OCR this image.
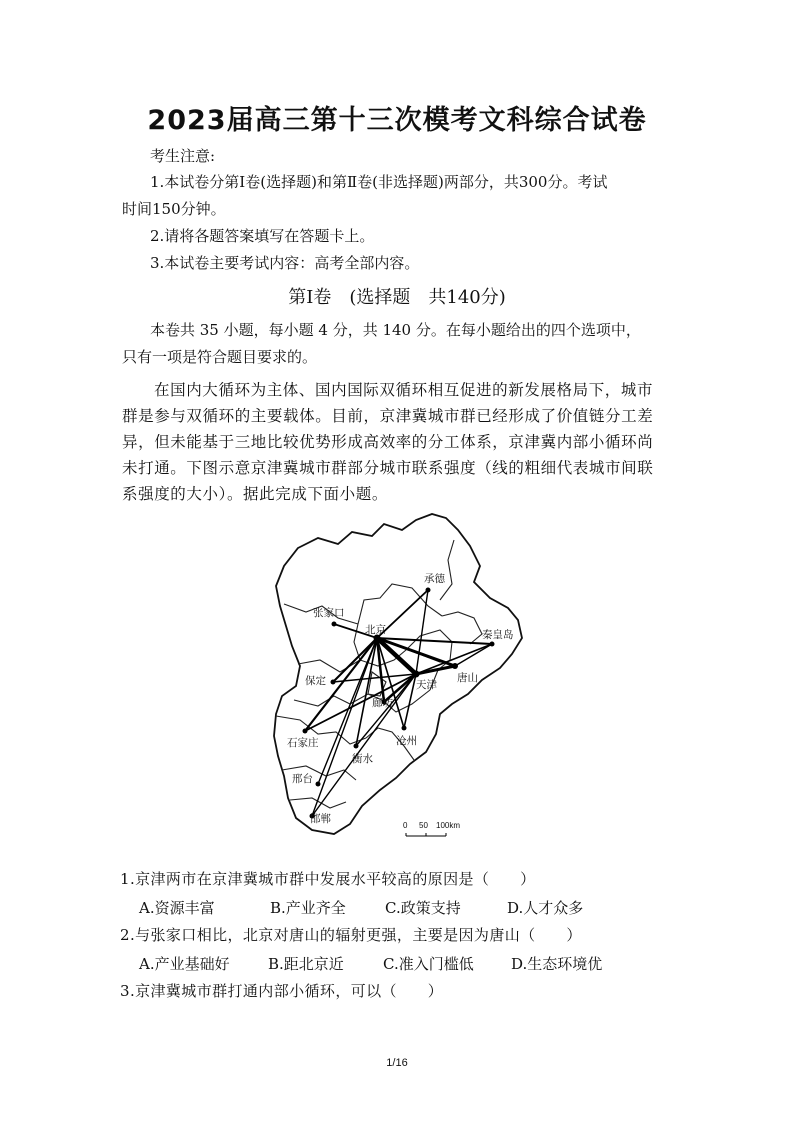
2023届高三第十三次模考文科综合试卷
考生注意:
1.本试卷分第Ⅰ卷(选择题)和第Ⅱ卷(非选择题)两部分，共300分。考试
时间150分钟。
2.请将各题答案填写在答题卡上。
3.本试卷主要考试内容：高考全部内容。
第Ⅰ卷　(选择题　共140分)
本卷共 35 小题，每小题 4 分，共 140 分。在每小题给出的四个选项中，
只有一项是符合题目要求的。
在国内大循环为主体、国内国际双循环相互促进的新发展格局下，城市
群是参与双循环的主要载体。目前，京津冀城市群已经形成了价值链分工差
异，但未能基于三地比较优势形成高效率的分工体系，京津冀内部小循环尚
未打通。下图示意京津冀城市群部分城市联系强度（线的粗细代表城市间联
系强度的大小）。据此完成下面小题。
承德
张家口
北京	秦皇岛
保定	天津
唐山
廊坊
石家庄	沧州
衡水
邢台
邯郸
0 50 100km
1.京津两市在京津冀城市群中发展水平较高的原因是（　　）
A.资源丰富	B.产业齐全	C.政策支持	D.人才众多
2.与张家口相比，北京对唐山的辐射更强，主要是因为唐山（　　）
A.产业基础好	B.距北京近	C.准入门槛低 D.生态环境优
3.京津冀城市群打通内部小循环，可以（　　）
1/16
